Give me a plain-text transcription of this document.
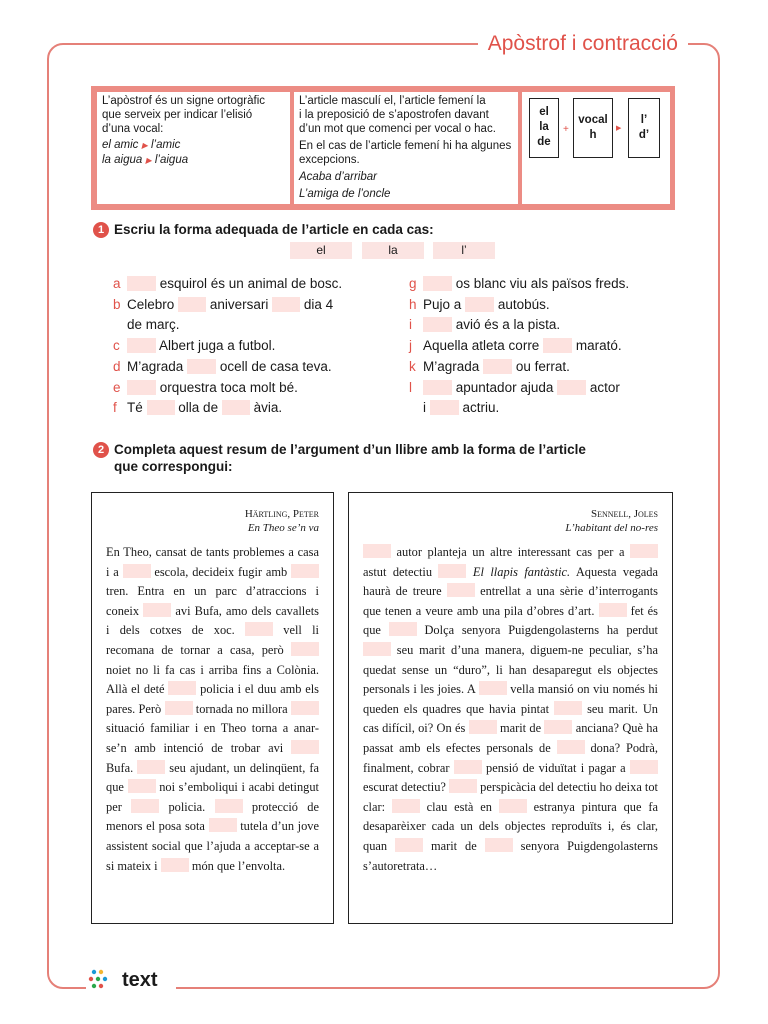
Apòstrof i contracció

L’apòstrof és un signe ortogràfic

que serveix per indicar l’elisió

d’una vocal:

el amic ▶ l’amic

la aigua ▶ l’aigua

L’article masculí el, l’article femení la

i la preposició de s’apostrofen davant

d’un mot que comenci per vocal o hac.

En el cas de l’article femení hi ha algunes

excepcions.

Acaba d’arribar

L’amiga de l’oncle

el
la
de
+
vocal
h
▶
l’
d’
1 Escriu la forma adequada de l’article en cada cas:
el	la	l’
a	esquirol és un animal de bosc.
b Celebro	aniversari	dia 4
de març.
c	Albert juga a futbol.
d M’agrada	ocell de casa teva.
e	orquestra toca molt bé.
f Té	olla de	àvia.
g	os blanc viu als països freds.
h Pujo a	autobús.
i	avió és a la pista.
j Aquella atleta corre	marató.
k M’agrada	ou ferrat.
l	apuntador ajuda	actor
i	actriu.
2 Completa aquest resum de l’argument d’un llibre amb la forma de l’article
que correspongui:
Härtling, Peter
En Theo se’n va
En Theo, cansat de tants problemes a casa i a	escola, decideix fugir amb  tren. Entra en un parc d’atraccions i coneix	avi Bufa, amo dels cavallets i dels cotxes de xoc.	vell li recomana de tornar a casa, però  noiet no li fa cas i arriba fins a Colònia. Allà el deté	policia i el duu amb els pares. Però	tornada no millora  situació familiar i en Theo torna a anar-se’n amb intenció de trobar avi  Bufa.	seu ajudant, un delinqüent, fa que	noi s’emboliqui i acabi detingut per	policia.	protecció de menors el posa sota	tutela d’un jove assistent social que l’ajuda a acceptar-se a si mateix i	món que l’envolta.
Sennell, Joles
L’habitant del no-res
autor planteja un altre interessant cas per a  astut detectiu	El llapis fantàstic. Aquesta vegada haurà de treure	entrellat a una sèrie d’interrogants que tenen a veure amb una pila d’obres d’art.	fet és que	Dolça senyora Puigdengolasterns ha perdut  seu marit d’una manera, diguem-ne peculiar, s’ha quedat sense un “duro”, li han desaparegut els objectes personals i les joies. A	vella mansió on viu només hi queden els quadres que havia pintat	seu marit. Un cas difícil, oi? On és	marit de	anciana? Què ha passat amb els efectes personals de	dona? Podrà, finalment, cobrar	pensió de viduïtat i pagar a  escurat detectiu?	perspicàcia del detectiu ho deixa tot clar:	clau està en	estranya pintura que fa desaparèixer cada un dels objectes reproduïts i, és clar, quan	marit de	senyora Puigdengolasterns s’autoretrata…
text
